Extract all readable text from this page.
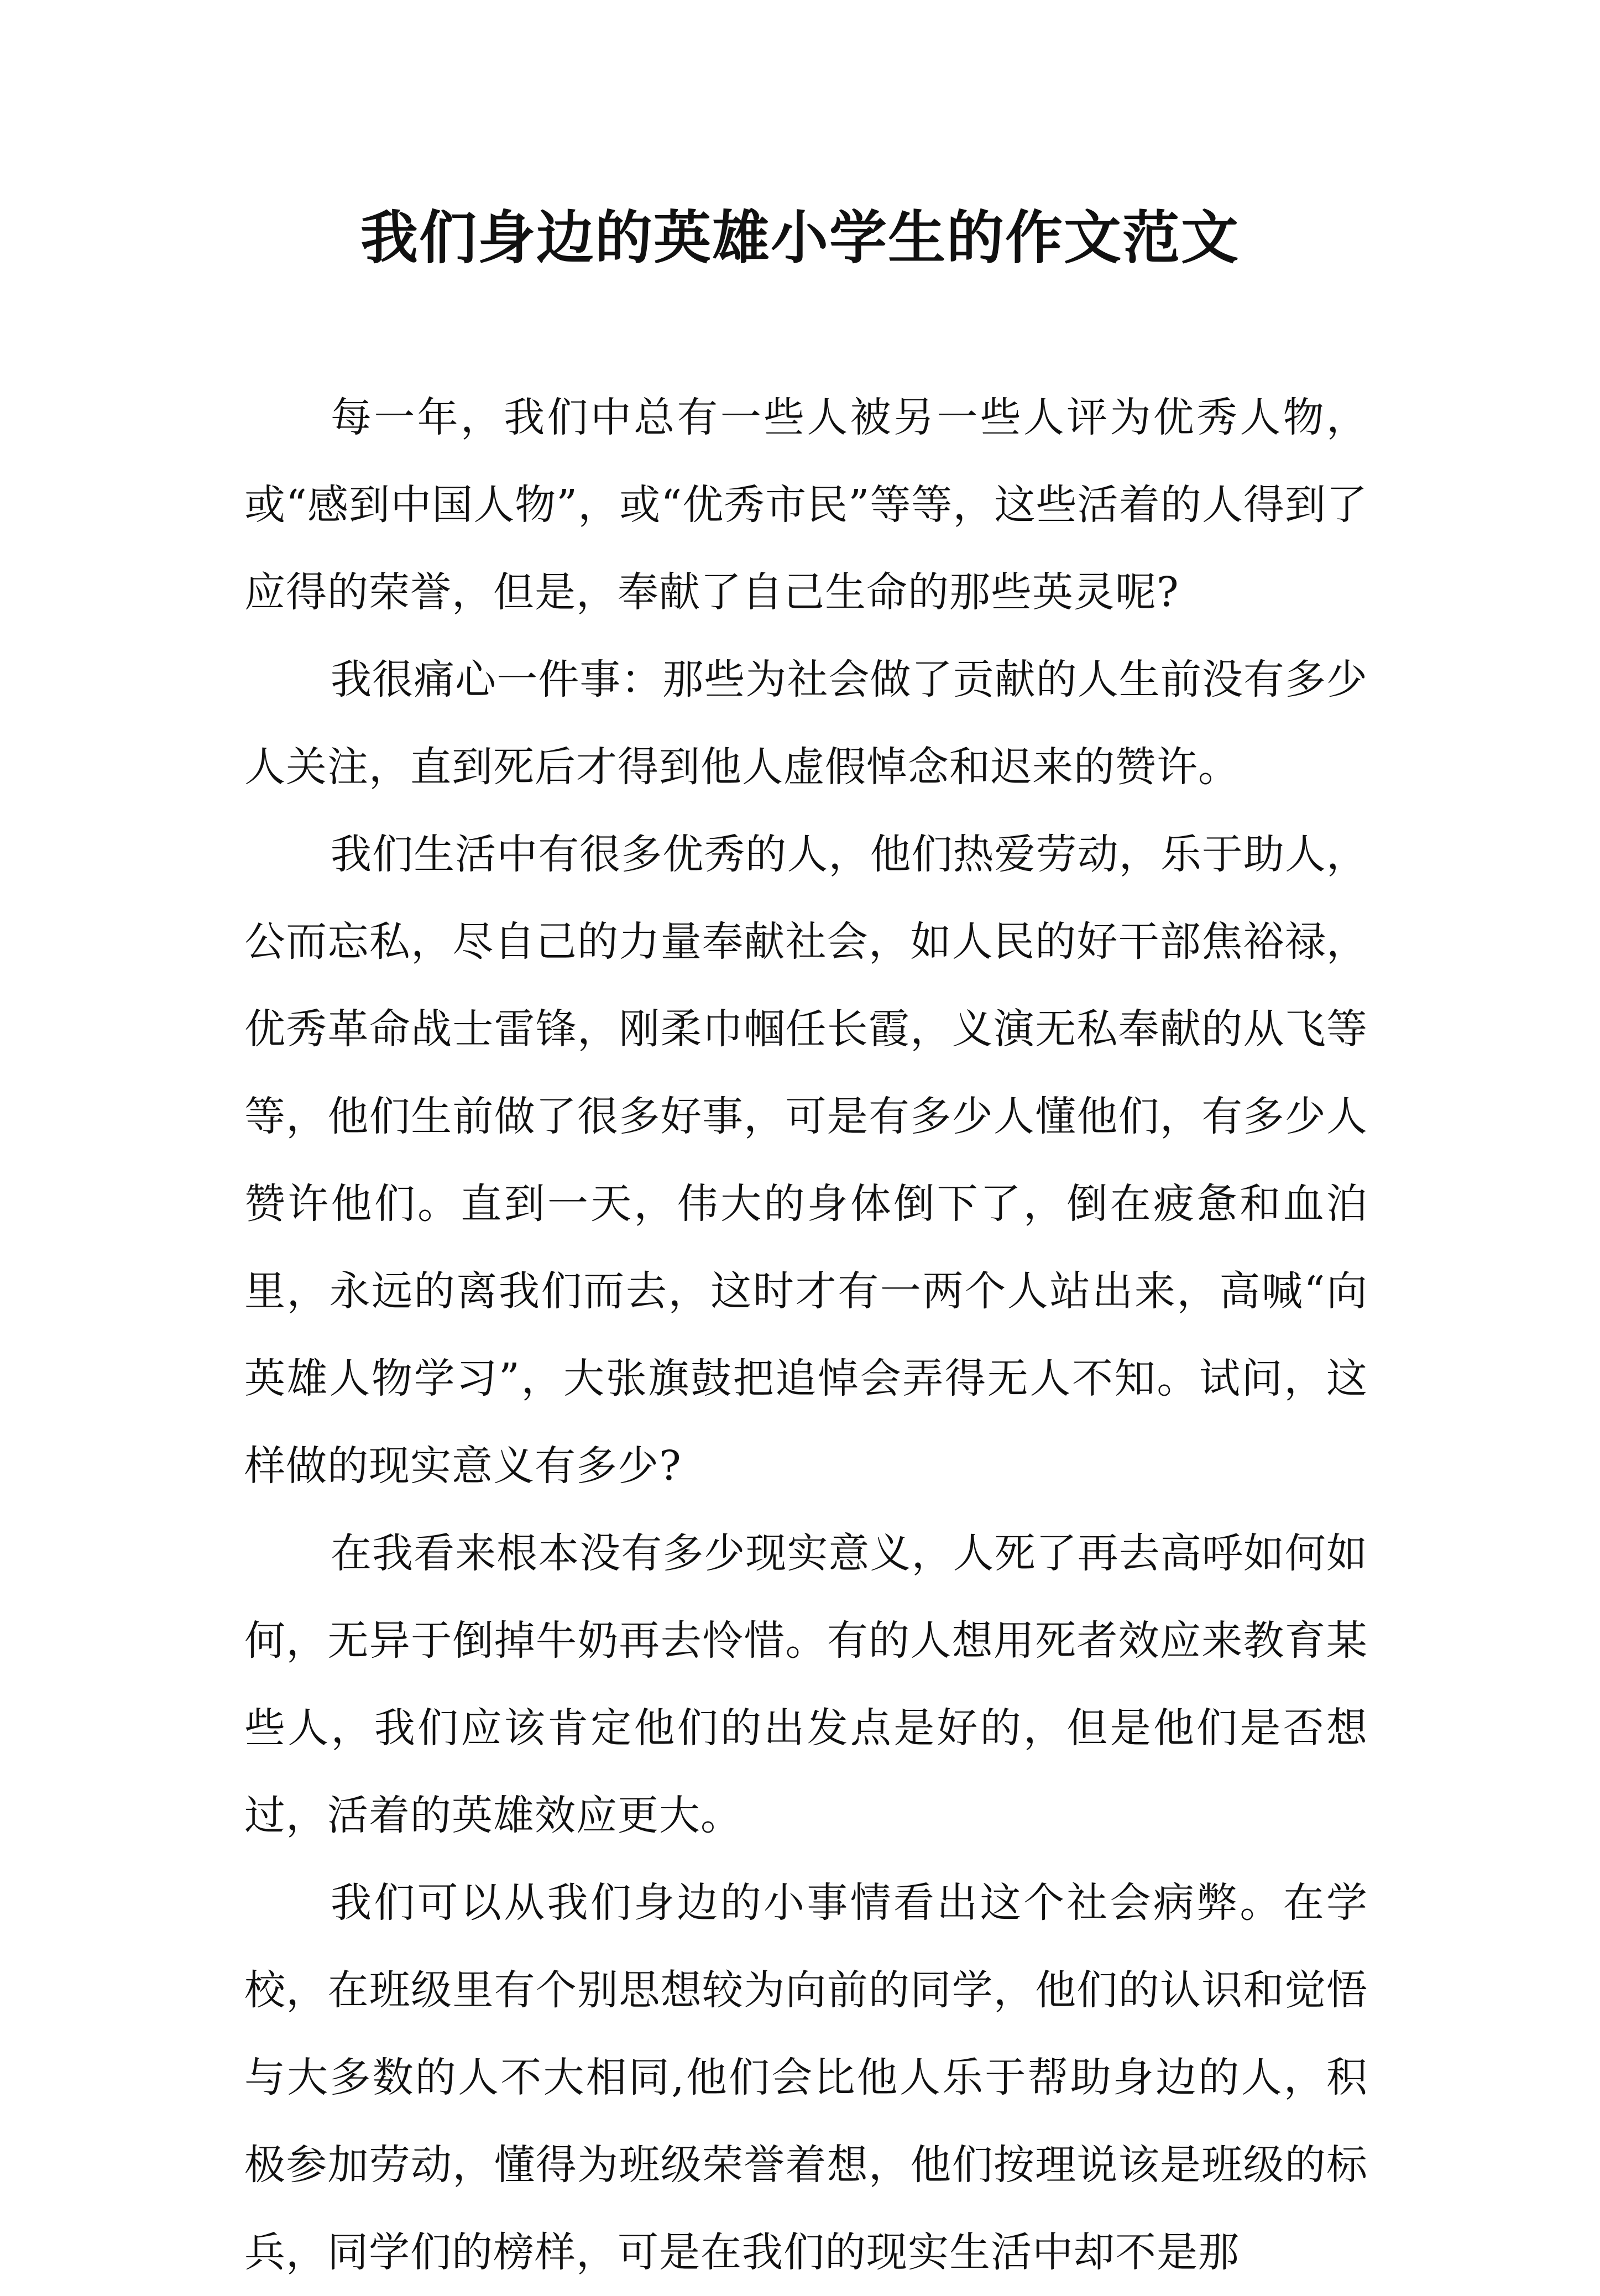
我们身边的英雄小学生的作文范文

每一年，我们中总有一些人被另一些人评为优秀人物，或“感到中国人物”，或“优秀市民”等等，这些活着的人得到了应得的荣誉，但是，奉献了自己生命的那些英灵呢?

我很痛心一件事：那些为社会做了贡献的人生前没有多少人关注，直到死后才得到他人虚假悼念和迟来的赞许。

我们生活中有很多优秀的人，他们热爱劳动，乐于助人，公而忘私，尽自己的力量奉献社会，如人民的好干部焦裕禄，优秀革命战士雷锋，刚柔巾帼任长霞，义演无私奉献的从飞等等，他们生前做了很多好事，可是有多少人懂他们，有多少人赞许他们。直到一天，伟大的身体倒下了，倒在疲惫和血泊里，永远的离我们而去，这时才有一两个人站出来，高喊“向英雄人物学习”，大张旗鼓把追悼会弄得无人不知。试问，这样做的现实意义有多少?

在我看来根本没有多少现实意义，人死了再去高呼如何如何，无异于倒掉牛奶再去怜惜。有的人想用死者效应来教育某些人，我们应该肯定他们的出发点是好的，但是他们是否想过，活着的英雄效应更大。

我们可以从我们身边的小事情看出这个社会病弊。在学校，在班级里有个别思想较为向前的同学，他们的认识和觉悟与大多数的人不大相同,他们会比他人乐于帮助身边的人，积极参加劳动，懂得为班级荣誉着想，他们按理说该是班级的标兵，同学们的榜样，可是在我们的现实生活中却不是那
